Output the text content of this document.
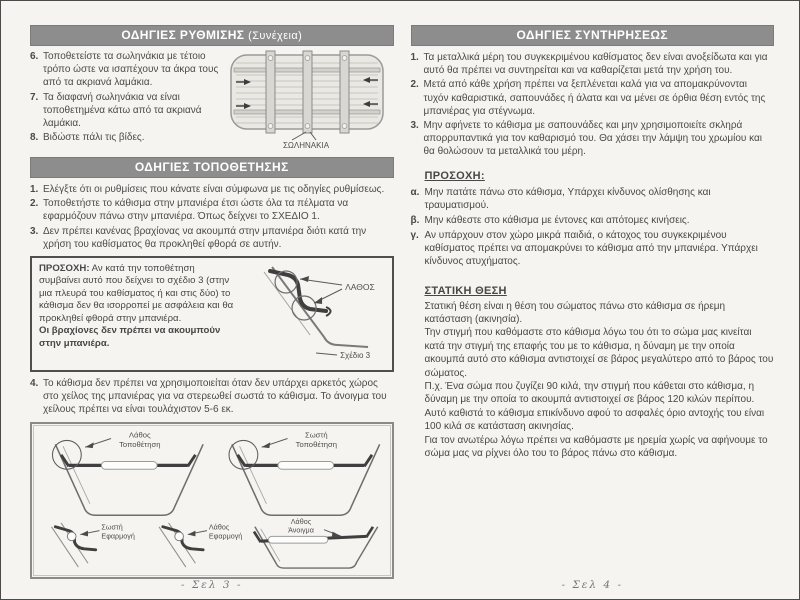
ΟΔΗΓΙΕΣ ΡΥΘΜΙΣΗΣ (Συνέχεια)
6. Τοποθετείστε τα σωληνάκια με τέτοιο τρόπο ώστε να ισαπέχουν τα άκρα τους από τα ακριανά λαμάκια.
7. Τα διαφανή σωληνάκια να είναι τοποθετημένα κάτω από τα ακριανά λαμάκια.
8. Βιδώστε πάλι τις βίδες.
ΣΩΛΗΝΑΚΙΑ
ΟΔΗΓΙΕΣ ΤΟΠΟΘΕΤΗΣΗΣ
1. Ελέγξτε ότι οι ρυθμίσεις που κάνατε είναι σύμφωνα με τις οδηγίες ρυθμίσεως.
2. Τοποθετήστε το κάθισμα στην μπανιέρα έτσι ώστε όλα τα πέλματα να εφαρμόζουν πάνω στην μπανιέρα. Όπως δείχνει το ΣΧΕΔΙΟ 1.
3. Δεν πρέπει κανένας βραχίονας να ακουμπά στην μπανιέρα διότι κατά την χρήση του καθίσματος θα προκληθεί φθορά σε αυτήν.
ΠΡΟΣΟΧΗ: Αν κατά την τοποθέτηση συμβαίνει αυτό που δείχνει το σχέδιο 3 (στην μια πλευρά του καθίσματος ή και στις δύο) το κάθισμα δεν θα ισορροπεί με ασφάλεια και θα προκληθεί φθορά στην μπανιέρα.
Οι βραχίονες δεν πρέπει να ακουμπούν στην μπανιέρα.
ΛΑΘΟΣ
Σχέδιο 3
4. Το κάθισμα δεν πρέπει να χρησιμοποιείται όταν δεν υπάρχει αρκετός χώρος στο χείλος της μπανιέρας για να στερεωθεί σωστά το κάθισμα. Το άνοιγμα του χείλους πρέπει να είναι τουλάχιστον 5-6 εκ.
Λάθος
Τοποθέτηση
Σωστή
Τοποθέτηση
Σωστή
Εφαρμογή
Λάθος
Εφαρμογή
Λάθος
Άνοιγμα
- Σελ 3 -
ΟΔΗΓΙΕΣ ΣΥΝΤΗΡΗΣΕΩΣ
1. Τα μεταλλικά μέρη του συγκεκριμένου καθίσματος δεν είναι ανοξείδωτα και για αυτό θα πρέπει να συντηρείται και να καθαρίζεται μετά την χρήση του.
2. Μετά από κάθε χρήση πρέπει να ξεπλένεται καλά για να απομακρύνονται τυχόν καθαριστικά, σαπουνάδες ή άλατα και να μένει σε όρθια θέση εντός της μπανιέρας για στέγνωμα.
3. Μην αφήνετε το κάθισμα με σαπουνάδες και μην χρησιμοποιείτε σκληρά απορρυπαντικά για τον καθαρισμό του. Θα χάσει την λάμψη του χρωμίου και θα θολώσουν τα μεταλλικά του μέρη.
ΠΡΟΣΟΧΗ:
α. Μην πατάτε πάνω στο κάθισμα, Υπάρχει κίνδυνος ολίσθησης και τραυματισμού.
β. Μην κάθεστε στο κάθισμα με έντονες και απότομες κινήσεις.
γ. Αν υπάρχουν στον χώρο μικρά παιδιά, ο κάτοχος του συγκεκριμένου καθίσματος πρέπει να απομακρύνει το κάθισμα από την μπανιέρα. Υπάρχει κίνδυνος ατυχήματος.
ΣΤΑΤΙΚΗ ΘΕΣΗ
Στατική θέση είναι η θέση του σώματος πάνω στο κάθισμα σε ήρεμη κατάσταση (ακινησία).
Την στιγμή που καθόμαστε στο κάθισμα λόγω του ότι το σώμα μας κινείται κατά την στιγμή της επαφής του με το κάθισμα, η δύναμη με την οποία ακουμπά αυτό στο κάθισμα αντιστοιχεί σε βάρος μεγαλύτερο από το βάρος του σώματος.
Π.χ. Ένα σώμα που ζυγίζει 90 κιλά, την στιγμή που κάθεται στο κάθισμα, η δύναμη με την οποία το ακουμπά αντιστοιχεί σε βάρος 120 κιλών περίπου. Αυτό καθιστά το κάθισμα επικίνδυνο αφού το ασφαλές όριο αντοχής του είναι 100 κιλά σε κατάσταση ακινησίας.
Για τον ανωτέρω λόγω πρέπει να καθόμαστε με ηρεμία χωρίς να αφήνουμε το σώμα μας να ρίχνει όλο του το βάρος πάνω στο κάθισμα.
- Σελ 4 -
